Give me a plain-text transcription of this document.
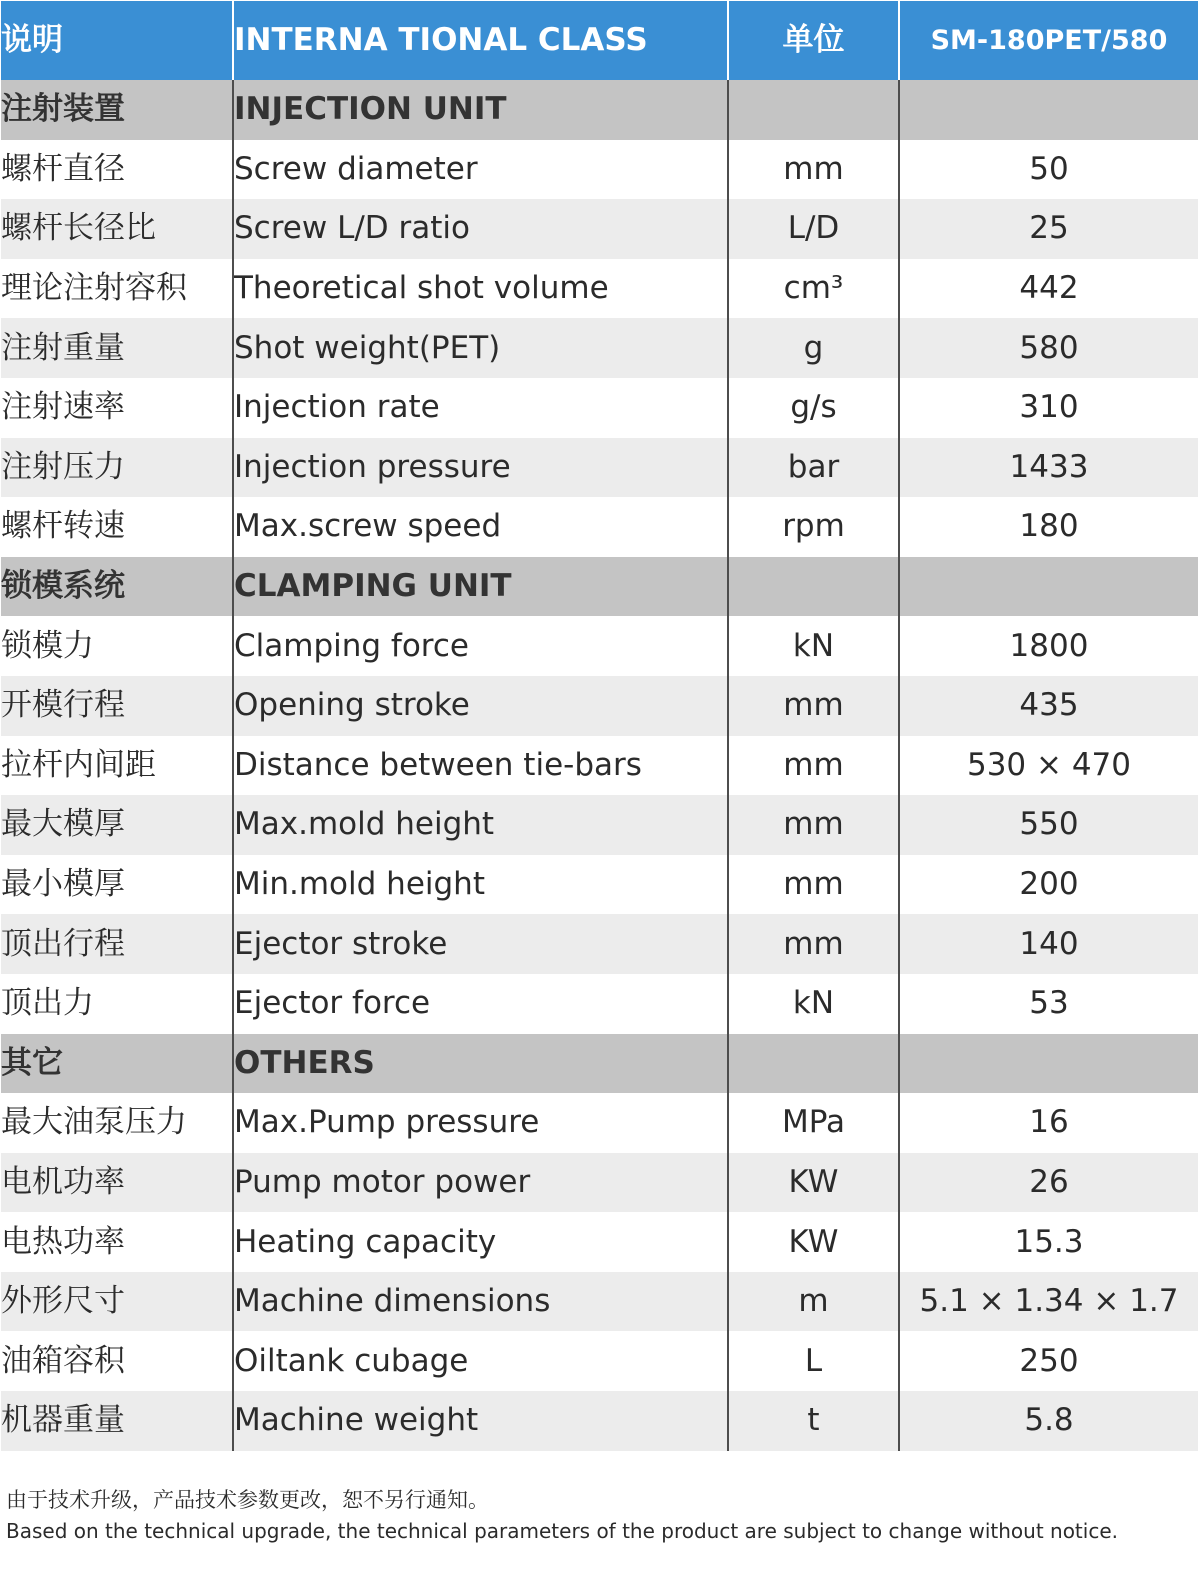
说明	INTERNA TIONAL CLASS	单位	SM-180PET/580
注射装置	INJECTION UNIT		
螺杆直径	Screw diameter	mm	50
螺杆长径比	Screw L/D ratio	L/D	25
理论注射容积	Theoretical shot volume	cm³	442
注射重量	Shot weight(PET)	g	580
注射速率	Injection rate	g/s	310
注射压力	Injection pressure	bar	1433
螺杆转速	Max.screw speed	rpm	180
锁模系统	CLAMPING UNIT		
锁模力	Clamping force	kN	1800
开模行程	Opening stroke	mm	435
拉杆内间距	Distance between tie-bars	mm	530 × 470
最大模厚	Max.mold height	mm	550
最小模厚	Min.mold height	mm	200
顶出行程	Ejector stroke	mm	140
顶出力	Ejector force	kN	53
其它	OTHERS		
最大油泵压力	Max.Pump pressure	MPa	16
电机功率	Pump motor power	KW	26
电热功率	Heating capacity	KW	15.3
外形尺寸	Machine dimensions	m	5.1 × 1.34 × 1.7
油箱容积	Oiltank cubage	L	250
机器重量	Machine weight	t	5.8
由于技术升级，产品技术参数更改，恕不另行通知。
Based on the technical upgrade, the technical parameters of the product are subject to change without notice.
